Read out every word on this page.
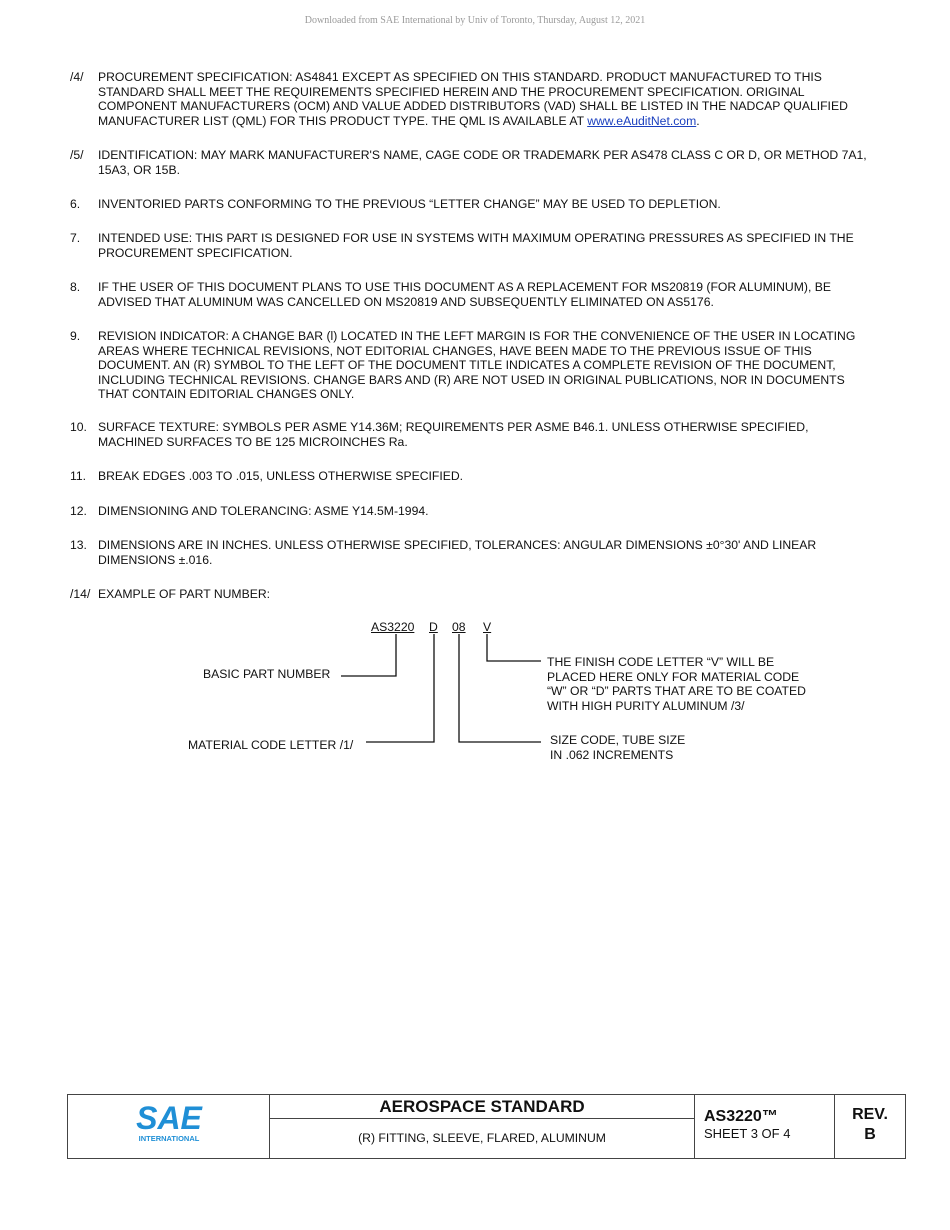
Downloaded from SAE International by Univ of Toronto, Thursday, August 12, 2021
/4/ PROCUREMENT SPECIFICATION: AS4841 EXCEPT AS SPECIFIED ON THIS STANDARD. PRODUCT MANUFACTURED TO THIS STANDARD SHALL MEET THE REQUIREMENTS SPECIFIED HEREIN AND THE PROCUREMENT SPECIFICATION. ORIGINAL COMPONENT MANUFACTURERS (OCM) AND VALUE ADDED DISTRIBUTORS (VAD) SHALL BE LISTED IN THE NADCAP QUALIFIED MANUFACTURER LIST (QML) FOR THIS PRODUCT TYPE. THE QML IS AVAILABLE AT www.eAuditNet.com.
/5/ IDENTIFICATION: MAY MARK MANUFACTURER'S NAME, CAGE CODE OR TRADEMARK PER AS478 CLASS C OR D, OR METHOD 7A1, 15A3, OR 15B.
6. INVENTORIED PARTS CONFORMING TO THE PREVIOUS “LETTER CHANGE” MAY BE USED TO DEPLETION.
7. INTENDED USE: THIS PART IS DESIGNED FOR USE IN SYSTEMS WITH MAXIMUM OPERATING PRESSURES AS SPECIFIED IN THE PROCUREMENT SPECIFICATION.
8. IF THE USER OF THIS DOCUMENT PLANS TO USE THIS DOCUMENT AS A REPLACEMENT FOR MS20819 (FOR ALUMINUM), BE ADVISED THAT ALUMINUM WAS CANCELLED ON MS20819 AND SUBSEQUENTLY ELIMINATED ON AS5176.
9. REVISION INDICATOR: A CHANGE BAR (l) LOCATED IN THE LEFT MARGIN IS FOR THE CONVENIENCE OF THE USER IN LOCATING AREAS WHERE TECHNICAL REVISIONS, NOT EDITORIAL CHANGES, HAVE BEEN MADE TO THE PREVIOUS ISSUE OF THIS DOCUMENT. AN (R) SYMBOL TO THE LEFT OF THE DOCUMENT TITLE INDICATES A COMPLETE REVISION OF THE DOCUMENT, INCLUDING TECHNICAL REVISIONS. CHANGE BARS AND (R) ARE NOT USED IN ORIGINAL PUBLICATIONS, NOR IN DOCUMENTS THAT CONTAIN EDITORIAL CHANGES ONLY.
10. SURFACE TEXTURE: SYMBOLS PER ASME Y14.36M; REQUIREMENTS PER ASME B46.1. UNLESS OTHERWISE SPECIFIED, MACHINED SURFACES TO BE 125 MICROINCHES Ra.
11. BREAK EDGES .003 TO .015, UNLESS OTHERWISE SPECIFIED.
12. DIMENSIONING AND TOLERANCING: ASME Y14.5M-1994.
13. DIMENSIONS ARE IN INCHES. UNLESS OTHERWISE SPECIFIED, TOLERANCES: ANGULAR DIMENSIONS ±0°30' AND LINEAR DIMENSIONS ±.016.
/14/ EXAMPLE OF PART NUMBER:
AS3220 D 08 V
BASIC PART NUMBER
MATERIAL CODE LETTER /1/
THE FINISH CODE LETTER “V” WILL BE
PLACED HERE ONLY FOR MATERIAL CODE
“W” OR “D” PARTS THAT ARE TO BE COATED
WITH HIGH PURITY ALUMINUM /3/
SIZE CODE, TUBE SIZE
IN .062 INCREMENTS
SAE
INTERNATIONAL
AEROSPACE STANDARD
(R) FITTING, SLEEVE, FLARED, ALUMINUM
AS3220™
SHEET 3 OF 4
REV.
B
